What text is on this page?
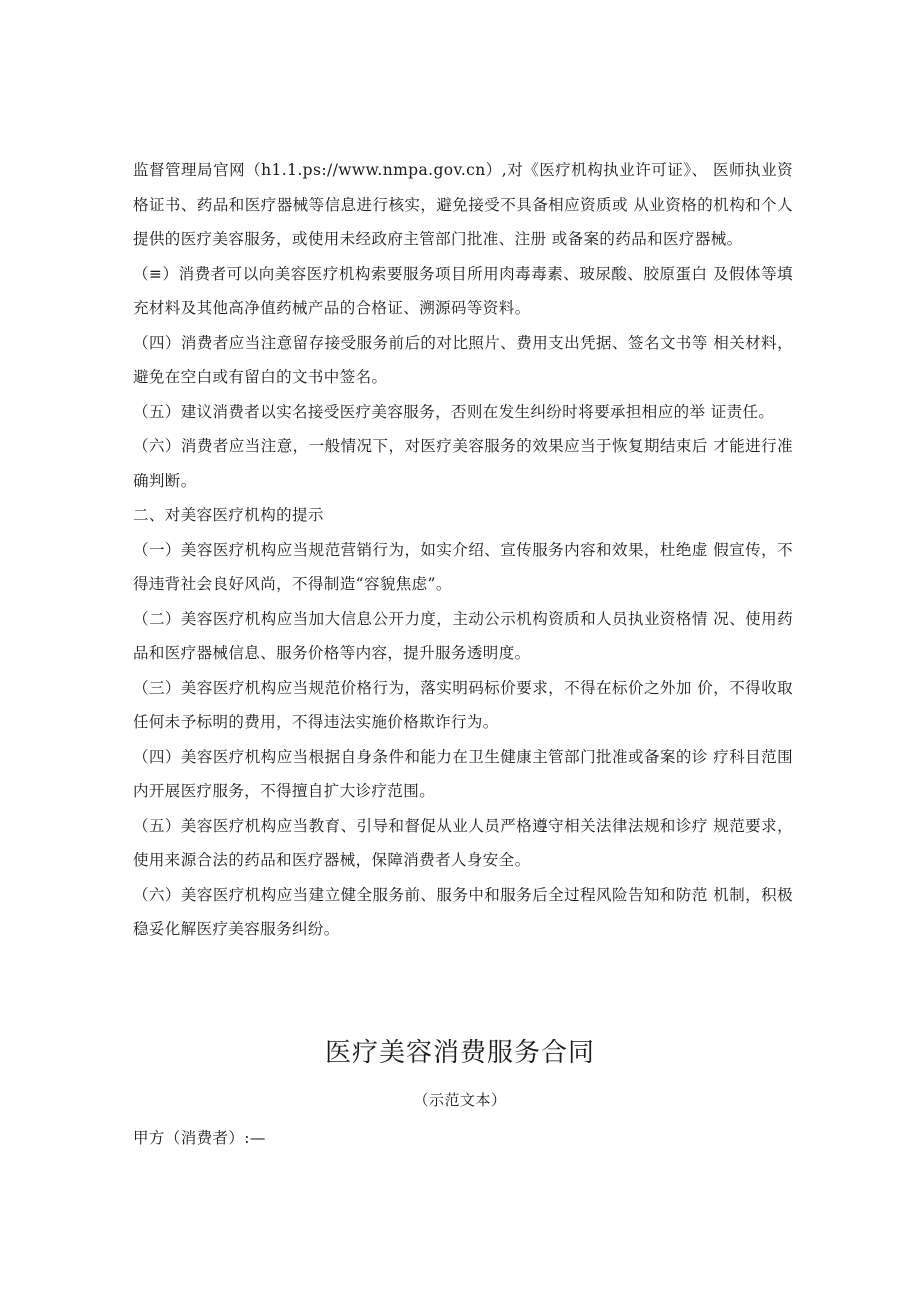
监督管理局官网（h1.1.ps://www.nmpa.gov.cn）,对《医疗机构执业许可证》、 医师执业资格证书、药品和医疗器械等信息进行核实，避免接受不具备相应资质或 从业资格的机构和个人提供的医疗美容服务，或使用未经政府主管部门批准、注册 或备案的药品和医疗器械。

（≡）消费者可以向美容医疗机构索要服务项目所用肉毒毒素、玻尿酸、胶原蛋白 及假体等填充材料及其他高净值药械产品的合格证、溯源码等资料。

（四）消费者应当注意留存接受服务前后的对比照片、费用支出凭据、签名文书等 相关材料，避免在空白或有留白的文书中签名。

（五）建议消费者以实名接受医疗美容服务，否则在发生纠纷时将要承担相应的举 证责任。

（六）消费者应当注意，一般情况下，对医疗美容服务的效果应当于恢复期结束后 才能进行准确判断。

二、对美容医疗机构的提示

（一）美容医疗机构应当规范营销行为，如实介绍、宣传服务内容和效果，杜绝虚 假宣传，不得违背社会良好风尚，不得制造“容貌焦虑”。

（二）美容医疗机构应当加大信息公开力度，主动公示机构资质和人员执业资格情 况、使用药品和医疗器械信息、服务价格等内容，提升服务透明度。

（三）美容医疗机构应当规范价格行为，落实明码标价要求，不得在标价之外加 价，不得收取任何未予标明的费用，不得违法实施价格欺诈行为。

（四）美容医疗机构应当根据自身条件和能力在卫生健康主管部门批准或备案的诊 疗科目范围内开展医疗服务，不得擅自扩大诊疗范围。

（五）美容医疗机构应当教育、引导和督促从业人员严格遵守相关法律法规和诊疗 规范要求，使用来源合法的药品和医疗器械，保障消费者人身安全。

（六）美容医疗机构应当建立健全服务前、服务中和服务后全过程风险告知和防范 机制，积极稳妥化解医疗美容服务纠纷。

医疗美容消费服务合同

（示范文本）

甲方（消费者）:—
